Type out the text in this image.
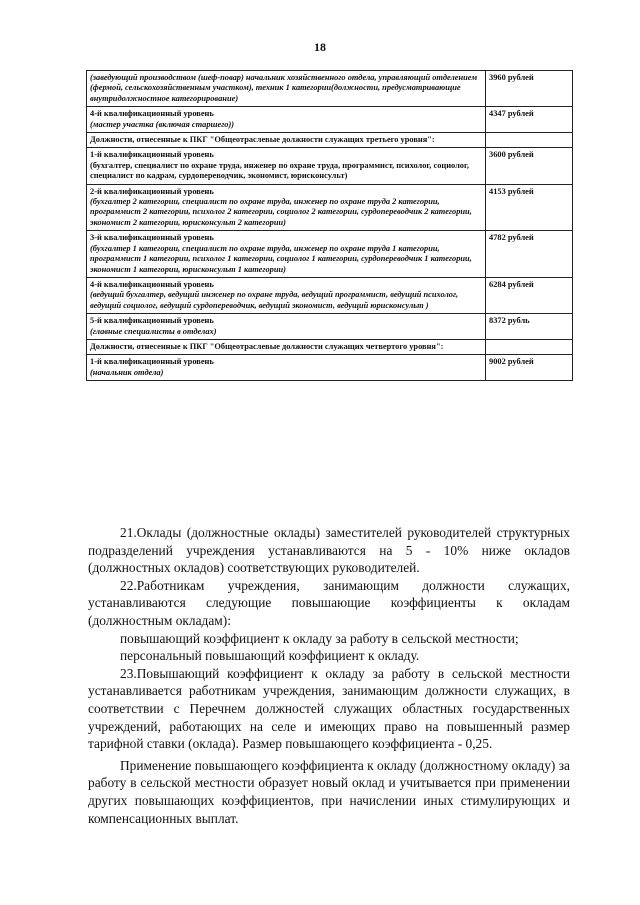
18
(заведующий производством (шеф-повар) начальник хозяйственного отдела, управляющий отделением (фермой, сельскохозяйственным участком), техник 1 категории(должности, предусматривающие внутридолжностное категорирование)	3960 рублей

4-й квалификационный уровень
(мастер участка (включая старшего))	4347 рублей

Должности, отнесенные к ПКГ "Общеотраслевые должности служащих третьего уровня":	

1-й квалификационный уровень
(бухгалтер, специалист по охране труда, инженер по охране труда, программист, психолог, социолог, специалист по кадрам, сурдопереводчик, экономист, юрисконсульт)	3600 рублей

2-й квалификационный уровень
(бухгалтер 2 категории, специалист по охране труда, инженер по охране труда 2 категории, программист 2 категории, психолог 2 категории, социолог 2 категории, сурдопереводчик 2 категории, экономист 2 категории, юрисконсульт 2 категории)	4153 рублей

3-й квалификационный уровень
(бухгалтер 1 категории, специалист по охране труда, инженер по охране труда 1 категории, программист 1 категории, психолог 1 категории, социолог 1 категории, сурдопереводчик 1 категории, экономист 1 категории, юрисконсульт 1 категории)	4782 рублей

4-й квалификационный уровень
(ведущий бухгалтер, ведущий инженер по охране труда, ведущий программист, ведущий психолог, ведущий социолог, ведущий сурдопереводчик, ведущий экономист, ведущий юрисконсульт )	6284 рублей

5-й квалификационный уровень
(главные специалисты в отделах)	8372 рубль

Должности, отнесенные к ПКГ "Общеотраслевые должности служащих четвертого уровня":	

1-й квалификационный уровень
(начальник отдела)	9002 рублей

21.Оклады (должностные оклады) заместителей руководителей структурных подразделений учреждения устанавливаются на 5 - 10% ниже окладов (должностных окладов) соответствующих руководителей.

22.Работникам учреждения, занимающим должности служащих, устанавливаются следующие повышающие коэффициенты к окладам (должностным окладам):

повышающий коэффициент к окладу за работу в сельской местности;

персональный повышающий коэффициент к окладу.

23.Повышающий коэффициент к окладу за работу в сельской местности устанавливается работникам учреждения, занимающим должности служащих, в соответствии с Перечнем должностей служащих областных государственных учреждений, работающих на селе и имеющих право на повышенный размер тарифной ставки (оклада). Размер повышающего коэффициента - 0,25.

Применение повышающего коэффициента к окладу (должностному окладу) за работу в сельской местности образует новый оклад и учитывается при применении других повышающих коэффициентов, при начислении иных стимулирующих и компенсационных выплат.
